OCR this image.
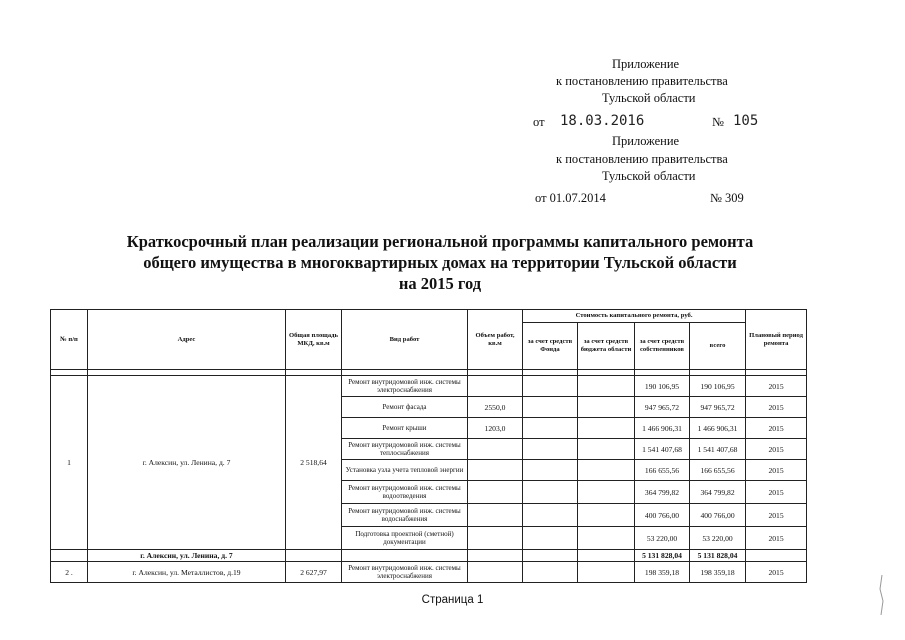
Приложение
к постановлению правительства
Тульской области
от 18.03.2016	№ 105
Приложение
к постановлению правительства
Тульской области
от 01.07.2014	№ 309
Краткосрочный план реализации региональной программы капитального ремонта
общего имущества в многоквартирных домах на территории Тульской области
на 2015 год
№ п/п	Адрес	Общая площадь МКД, кв.м	Вид работ	Объем работ, кв.м	Стоимость капитального ремонта, руб.				Плановый период ремонта
					за счет средств Фонда	за счет средств бюджета области	за счет средств собственников	всего	

1	г. Алексин, ул. Ленина, д. 7	2 518,64	Ремонт внутридомовой инж. системы электроснабжения				190 106,95	190 106,95	2015
			Ремонт фасада	2550,0			947 965,72	947 965,72	2015
			Ремонт крыши	1203,0			1 466 906,31	1 466 906,31	2015
			Ремонт внутридомовой инж. системы теплоснабжения				1 541 407,68	1 541 407,68	2015
			Установка узла учета тепловой энергии				166 655,56	166 655,56	2015
			Ремонт внутридомовой инж. системы водоотведения				364 799,82	364 799,82	2015
			Ремонт внутридомовой инж. системы водоснабжения				400 766,00	400 766,00	2015
			Подготовка проектной (сметной) документации				53 220,00	53 220,00	2015
	г. Алексин, ул. Ленина, д. 7						5 131 828,04	5 131 828,04	
2 .	г. Алексин, ул. Металлистов, д.19	2 627,97	Ремонт внутридомовой инж. системы электроснабжения				198 359,18	198 359,18	2015
Страница 1
